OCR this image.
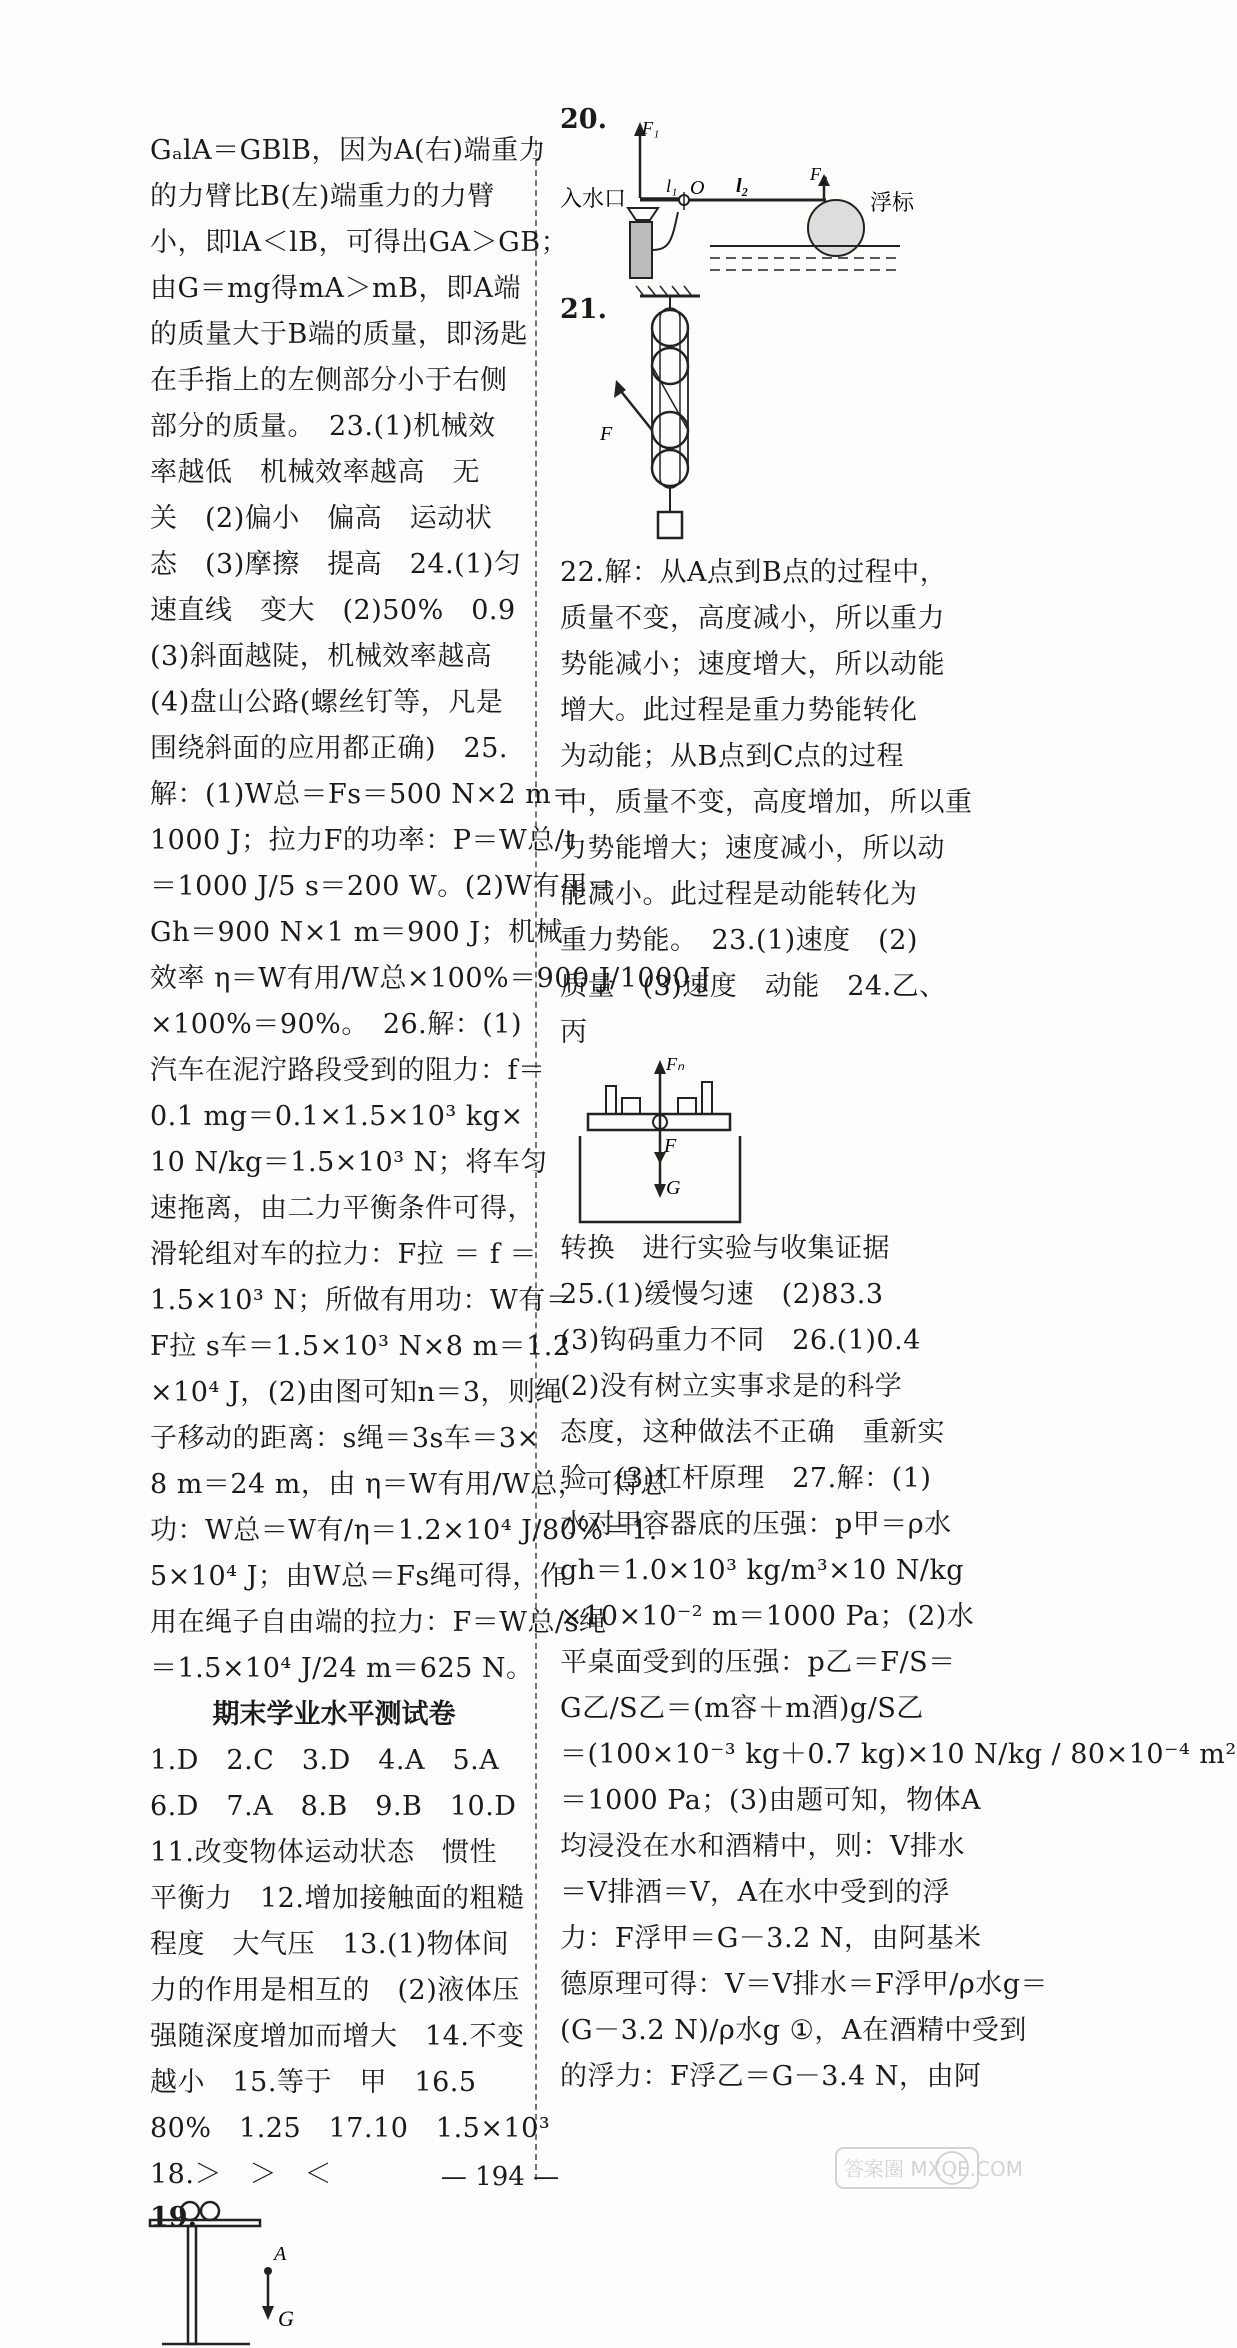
GₐlA＝GBlB，因为A(右)端重力
的力臂比B(左)端重力的力臂
小，即lA＜lB，可得出GA＞GB；
由G＝mg得mA＞mB，即A端
的质量大于B端的质量，即汤匙
在手指上的左侧部分小于右侧
部分的质量。　23.(1)机械效
率越低　机械效率越高　无
关　(2)偏小　偏高　运动状
态　(3)摩擦　提高　24.(1)匀
速直线　变大　(2)50%　0.9
(3)斜面越陡，机械效率越高
(4)盘山公路(螺丝钉等，凡是
围绕斜面的应用都正确)　25.
解：(1)W总＝Fs＝500 N×2 m＝
1000 J；拉力F的功率：P＝W总/t
＝1000 J/5 s＝200 W。(2)W有用＝
Gh＝900 N×1 m＝900 J；机械
效率 η＝W有用/W总×100%＝900 J/1000 J
×100%＝90%。　26.解：(1)
汽车在泥泞路段受到的阻力：f＝
0.1 mg＝0.1×1.5×10³ kg×
10 N/kg＝1.5×10³ N；将车匀
速拖离，由二力平衡条件可得，
滑轮组对车的拉力：F拉 ＝ f ＝
1.5×10³ N；所做有用功：W有＝
F拉 s车＝1.5×10³ N×8 m＝1.2
×10⁴ J，(2)由图可知n＝3，则绳
子移动的距离：s绳＝3s车＝3×
8 m＝24 m，由 η＝W有用/W总，可得总
功：W总＝W有/η＝1.2×10⁴ J/80%＝1.
5×10⁴ J；由W总＝Fs绳可得，作
用在绳子自由端的拉力：F＝W总/s绳
＝1.5×10⁴ J/24 m＝625 N。
期末学业水平测试卷
1.D　2.C　3.D　4.A　5.A
6.D　7.A　8.B　9.B　10.D
11.改变物体运动状态　惯性
平衡力　12.增加接触面的粗糙
程度　大气压　13.(1)物体间
力的作用是相互的　(2)液体压
强随深度增加而增大　14.不变
越小　15.等于　甲　16.5
80%　1.25　17.10　1.5×10³
18.＞　＞　＜
19.
A
G
20. F₁
入水口
l₁ O l₂
F₂
浮标
21.
F
22.解：从A点到B点的过程中，
质量不变，高度减小，所以重力
势能减小；速度增大，所以动能
增大。此过程是重力势能转化
为动能；从B点到C点的过程
中，质量不变，高度增加，所以重
力势能增大；速度减小，所以动
能减小。此过程是动能转化为
重力势能。　23.(1)速度　(2)
质量　(3)速度　动能　24.乙、
丙
Fₙ
F
G
转换　进行实验与收集证据
25.(1)缓慢匀速　(2)83.3
(3)钩码重力不同　26.(1)0.4
(2)没有树立实事求是的科学
态度，这种做法不正确　重新实
验　(3)杠杆原理　27.解：(1)
水对甲容器底的压强：p甲＝ρ水
gh＝1.0×10³ kg/m³×10 N/kg
×10×10⁻² m＝1000 Pa；(2)水
平桌面受到的压强：p乙＝F/S＝
G乙/S乙＝(m容＋m酒)g/S乙
＝(100×10⁻³ kg＋0.7 kg)×10 N/kg / 80×10⁻⁴ m²
＝1000 Pa；(3)由题可知，物体A
均浸没在水和酒精中，则：V排水
＝V排酒＝V，A在水中受到的浮
力：F浮甲＝G－3.2 N，由阿基米
德原理可得：V＝V排水＝F浮甲/ρ水g＝
(G－3.2 N)/ρ水g ①，A在酒精中受到
的浮力：F浮乙＝G－3.4 N，由阿
— 194 —	答案圈 MXQE.COM
